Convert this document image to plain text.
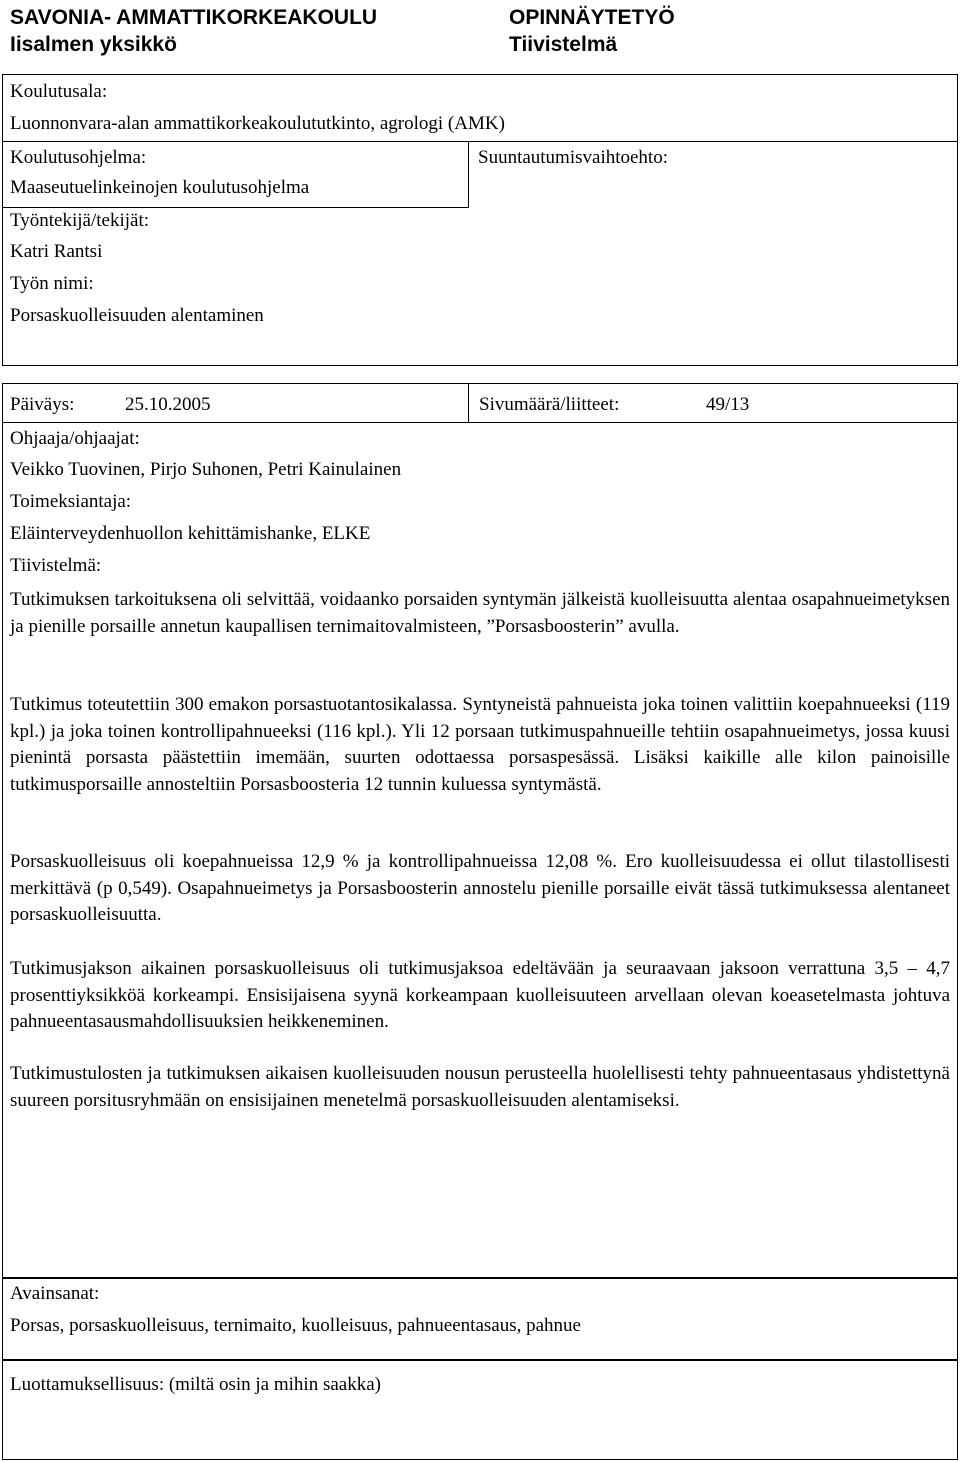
SAVONIA- AMMATTIKORKEAKOULU
Iisalmen yksikkö
OPINNÄYTETYÖ
Tiivistelmä
Koulutusala:
Luonnonvara-alan ammattikorkeakoulututkinto, agrologi (AMK)
Koulutusohjelma:	Suuntautumisvaihtoehto:
Maaseutuelinkeinojen koulutusohjelma
Työntekijä/tekijät:
Katri Rantsi
Työn nimi:
Porsaskuolleisuuden alentaminen
Päiväys:	25.10.2005	Sivumäärä/liitteet:	49/13
Ohjaaja/ohjaajat:
Veikko Tuovinen, Pirjo Suhonen, Petri Kainulainen
Toimeksiantaja:
Eläinterveydenhuollon kehittämishanke, ELKE
Tiivistelmä:
Tutkimuksen tarkoituksena oli selvittää, voidaanko porsaiden syntymän jälkeistä kuolleisuutta alentaa osapahnueimetyksen ja pienille porsaille annetun kaupallisen ternimaitovalmisteen, ”Porsasboosterin” avulla.
Tutkimus toteutettiin 300 emakon porsastuotantosikalassa. Syntyneistä pahnueista joka toinen valittiin koepahnueeksi (119 kpl.) ja joka toinen kontrollipahnueeksi (116 kpl.). Yli 12 porsaan tutkimuspahnueille tehtiin osapahnueimetys, jossa kuusi pienintä porsasta päästettiin imemään, suurten odottaessa porsaspesässä. Lisäksi kaikille alle kilon painoisille tutkimusporsaille annosteltiin Porsasboosteria 12 tunnin kuluessa syntymästä.
Porsaskuolleisuus oli koepahnueissa 12,9 % ja kontrollipahnueissa 12,08 %. Ero kuolleisuudessa ei ollut tilastollisesti merkittävä (p 0,549). Osapahnueimetys ja Porsasboosterin annostelu pienille porsaille eivät tässä tutkimuksessa alentaneet porsaskuolleisuutta.
Tutkimusjakson aikainen porsaskuolleisuus oli tutkimusjaksoa edeltävään ja seuraavaan jaksoon verrattuna 3,5 – 4,7 prosenttiyksikköä korkeampi. Ensisijaisena syynä korkeampaan kuolleisuuteen arvellaan olevan koeasetelmasta johtuva pahnueentasausmahdollisuuksien heikkeneminen.
Tutkimustulosten ja tutkimuksen aikaisen kuolleisuuden nousun perusteella huolellisesti tehty pahnueentasaus yhdistettynä suureen porsitusryhmään on ensisijainen menetelmä porsaskuolleisuuden alentamiseksi.
Avainsanat:
Porsas, porsaskuolleisuus, ternimaito, kuolleisuus, pahnueentasaus, pahnue
Luottamuksellisuus: (miltä osin ja mihin saakka)
